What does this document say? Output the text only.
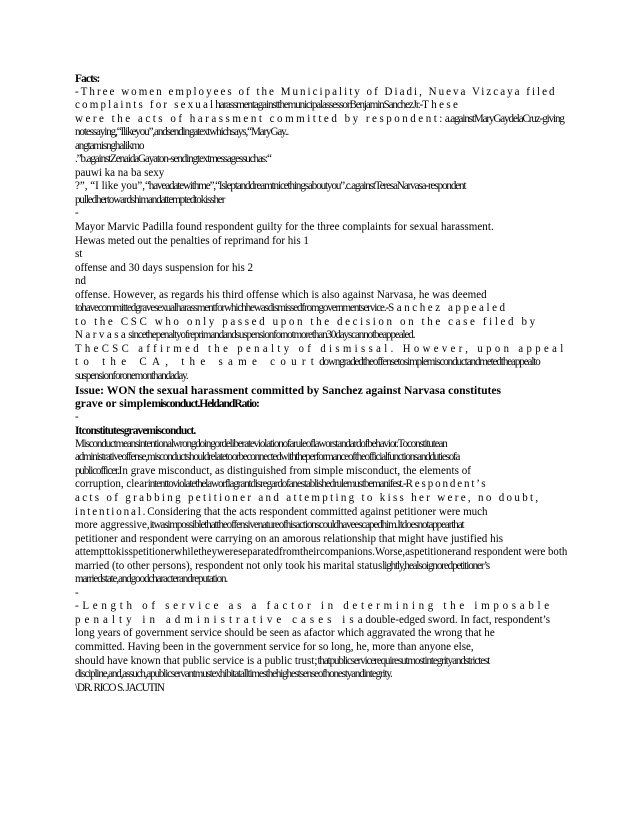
Facts:
-Three women employees of the Municipality of Diadi, Nueva Vizcaya filed
complaints for sexualharassmentagainstthemunicipalassessorBenjaminSanchezJr.-These
were the acts of harassment committed by respondent:a.againstMaryGaydelaCruz-giving
notessaying,“Ilikeyou”,andsendingatextwhichsays,“MaryGay..
angtamisnghalikmo
.”b.againstZenaidaGayaton-sendingtextmessagessuchas:“
pauwi ka na ba sexy
?”, “I like you”,“haveadatewithme”,“Isleptanddreamtnicethingsaboutyou”.c.againstTeresaNarvasa-respondent
pulledhertowardshimandattemptedtokissher
-
Mayor Marvic Padilla found respondent guilty for the three complaints for sexual harassment.
Hewas meted out the penalties of reprimand for his 1
st
offense and 30 days suspension for his 2
nd
offense. However, as regards his third offense which is also against Narvasa, he was deemed
tohavecommittedgravesexualharassmentforwhichhewasdismissedfromgovernmentservice.-Sanchez appealed
to the CSC who only passed upon the decision on the case filed by
Narvasasincethepenaltyofreprimandandsuspensionfornotmorethan30dayscannotbeappealed.
TheCSC affirmed the penalty of dismissal. However, upon appeal
to the CA, the same courtdowngradedtheoffensetosimplemisconductandmetedtheappealto
suspensionforonemonthandaday.
Issue: WON the sexual harassment committed by Sanchez against Narvasa constitutes
grave or simplemisconduct.HeldandRatio:
-
Itconstitutesgravemisconduct.
Misconductmeansintentionalwrongdoingordeliberateviolationofaruleoflaworstandardofbehavior.Toconstitutean
administrativeoffense,misconductshouldrelatetoorbeconnectedwiththeperformanceoftheofficialfunctionsanddutiesofa
publicofficer.In grave misconduct, as distinguished from simple misconduct, the elements of
corruption, clearintenttoviolatethelaworflagrantdisregardofanestablishedrulemustbemanifest.-Respondent’s
acts of grabbing petitioner and attempting to kiss her were, no doubt,
intentional.Considering that the acts respondent committed against petitioner were much
more aggressive,itwasimpossiblethattheoffensivenatureofhisactionscouldhaveescapedhim.Itdoesnotappearthat
petitioner and respondent were carrying on an amorous relationship that might have justified his
attempttokisspetitionerwhiletheywereseparatedfromtheircompanions.Worse,aspetitionerand respondent were both
married (to other persons), respondent not only took his marital statuslightly,healsoignoredpetitioner’s
marriedstate,andgoodcharacterandreputation.
-
-Length of service as a factor in determining the imposable
penalty in administrative cases isa double-edged sword. In fact, respondent’s
long years of government service should be seen as afactor which aggravated the wrong that he
committed. Having been in the government service for so long, he, more than anyone else,
should have known that public service is a public trust;thatpublicservicerequiresutmostintegrityandstrictest
discipline,and,assuch,apublicservantmustexhibitatalltimesthehighestsenseofhonestyandintegrity.
\DR. RICO S. JACUTIN
